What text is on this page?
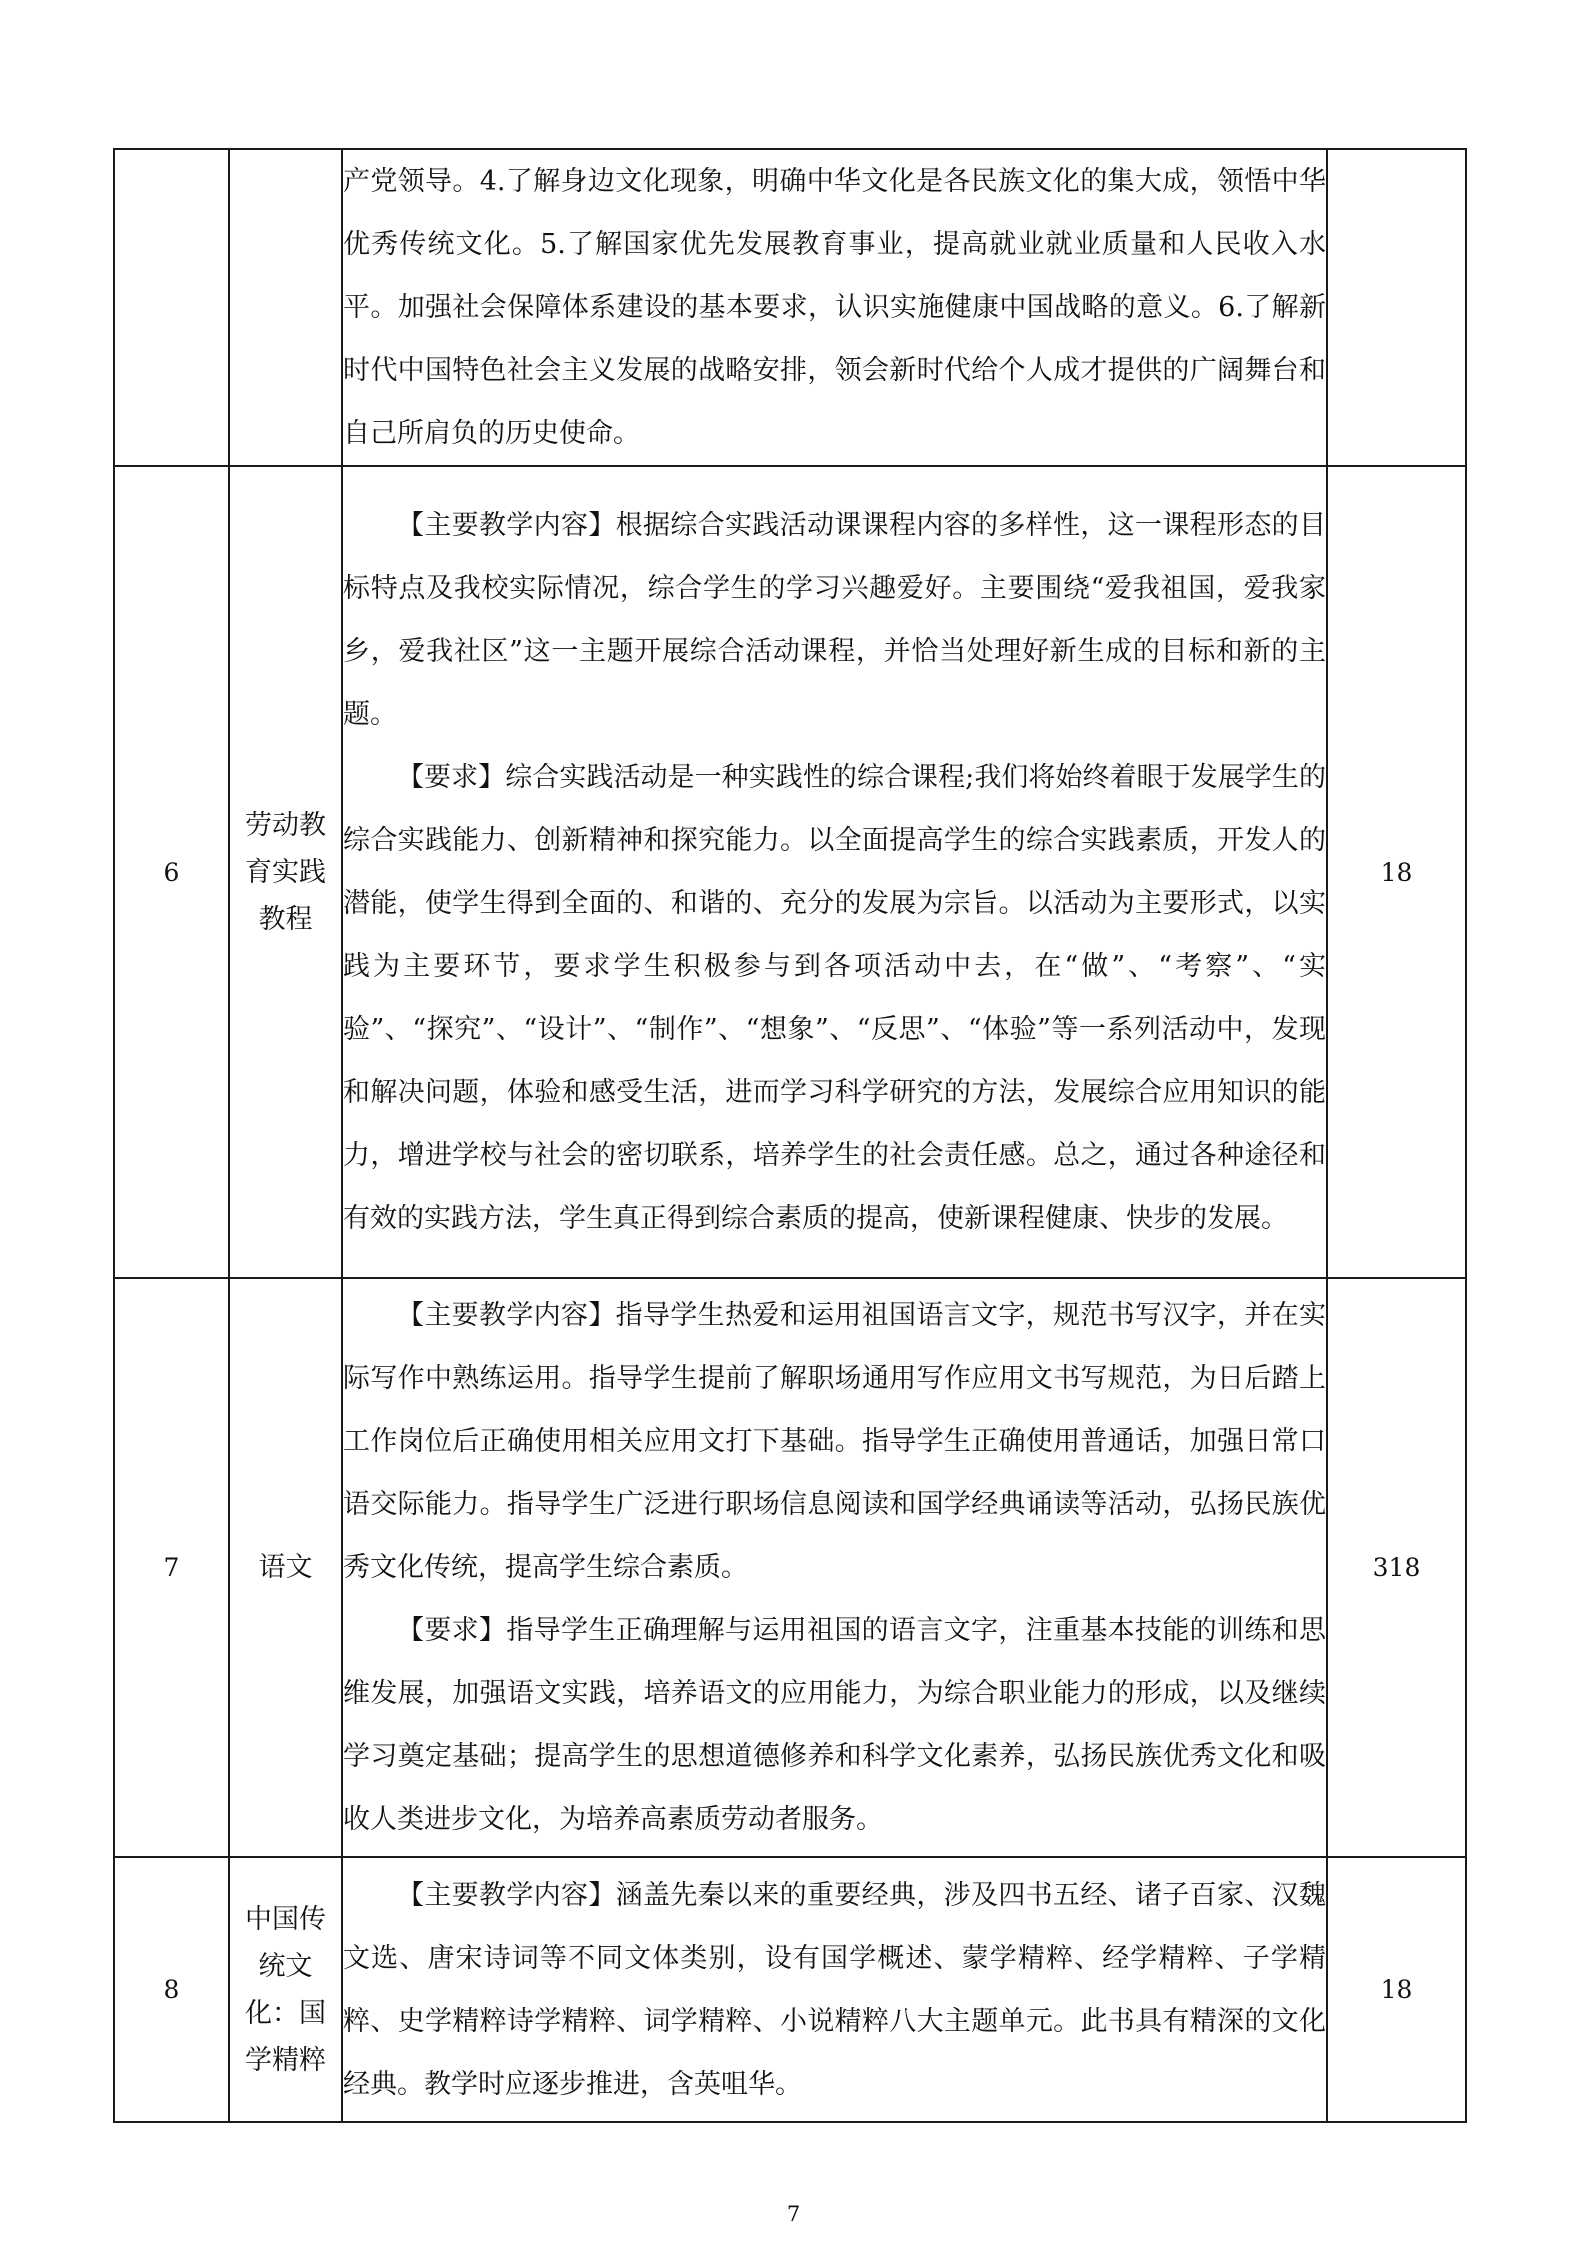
		产党领导。4.了解身边文化现象，明确中华文化是各民族文化的集大成，领悟中华优秀传统文化。5.了解国家优先发展教育事业，提高就业就业质量和人民收入水平。加强社会保障体系建设的基本要求，认识实施健康中国战略的意义。6.了解新时代中国特色社会主义发展的战略安排，领会新时代给个人成才提供的广阔舞台和自己所肩负的历史使命。	

6	劳动教育实践教程	【主要教学内容】根据综合实践活动课课程内容的多样性，这一课程形态的目标特点及我校实际情况，综合学生的学习兴趣爱好。主要围绕“爱我祖国，爱我家乡，爱我社区”这一主题开展综合活动课程，并恰当处理好新生成的目标和新的主题。

【要求】综合实践活动是一种实践性的综合课程;我们将始终着眼于发展学生的综合实践能力、创新精神和探究能力。以全面提高学生的综合实践素质，开发人的潜能，使学生得到全面的、和谐的、充分的发展为宗旨。以活动为主要形式，以实践为主要环节，要求学生积极参与到各项活动中去，在“做”、“考察”、“实验”、“探究”、“设计”、“制作”、“想象”、“反思”、“体验”等一系列活动中，发现和解决问题，体验和感受生活，进而学习科学研究的方法，发展综合应用知识的能力，增进学校与社会的密切联系，培养学生的社会责任感。总之，通过各种途径和有效的实践方法，学生真正得到综合素质的提高，使新课程健康、快步的发展。	18
7	语文	【主要教学内容】指导学生热爱和运用祖国语言文字，规范书写汉字，并在实际写作中熟练运用。指导学生提前了解职场通用写作应用文书写规范，为日后踏上工作岗位后正确使用相关应用文打下基础。指导学生正确使用普通话，加强日常口语交际能力。指导学生广泛进行职场信息阅读和国学经典诵读等活动，弘扬民族优秀文化传统，提高学生综合素质。

【要求】指导学生正确理解与运用祖国的语言文字，注重基本技能的训练和思维发展，加强语文实践，培养语文的应用能力，为综合职业能力的形成，以及继续学习奠定基础；提高学生的思想道德修养和科学文化素养，弘扬民族优秀文化和吸收人类进步文化，为培养高素质劳动者服务。	318
8	中国传统文化：国学精粹	【主要教学内容】涵盖先秦以来的重要经典，涉及四书五经、诸子百家、汉魏文选、唐宋诗词等不同文体类别，设有国学概述、蒙学精粹、经学精粹、子学精粹、史学精粹诗学精粹、词学精粹、小说精粹八大主题单元。此书具有精深的文化经典。教学时应逐步推进，含英咀华。	18
7
